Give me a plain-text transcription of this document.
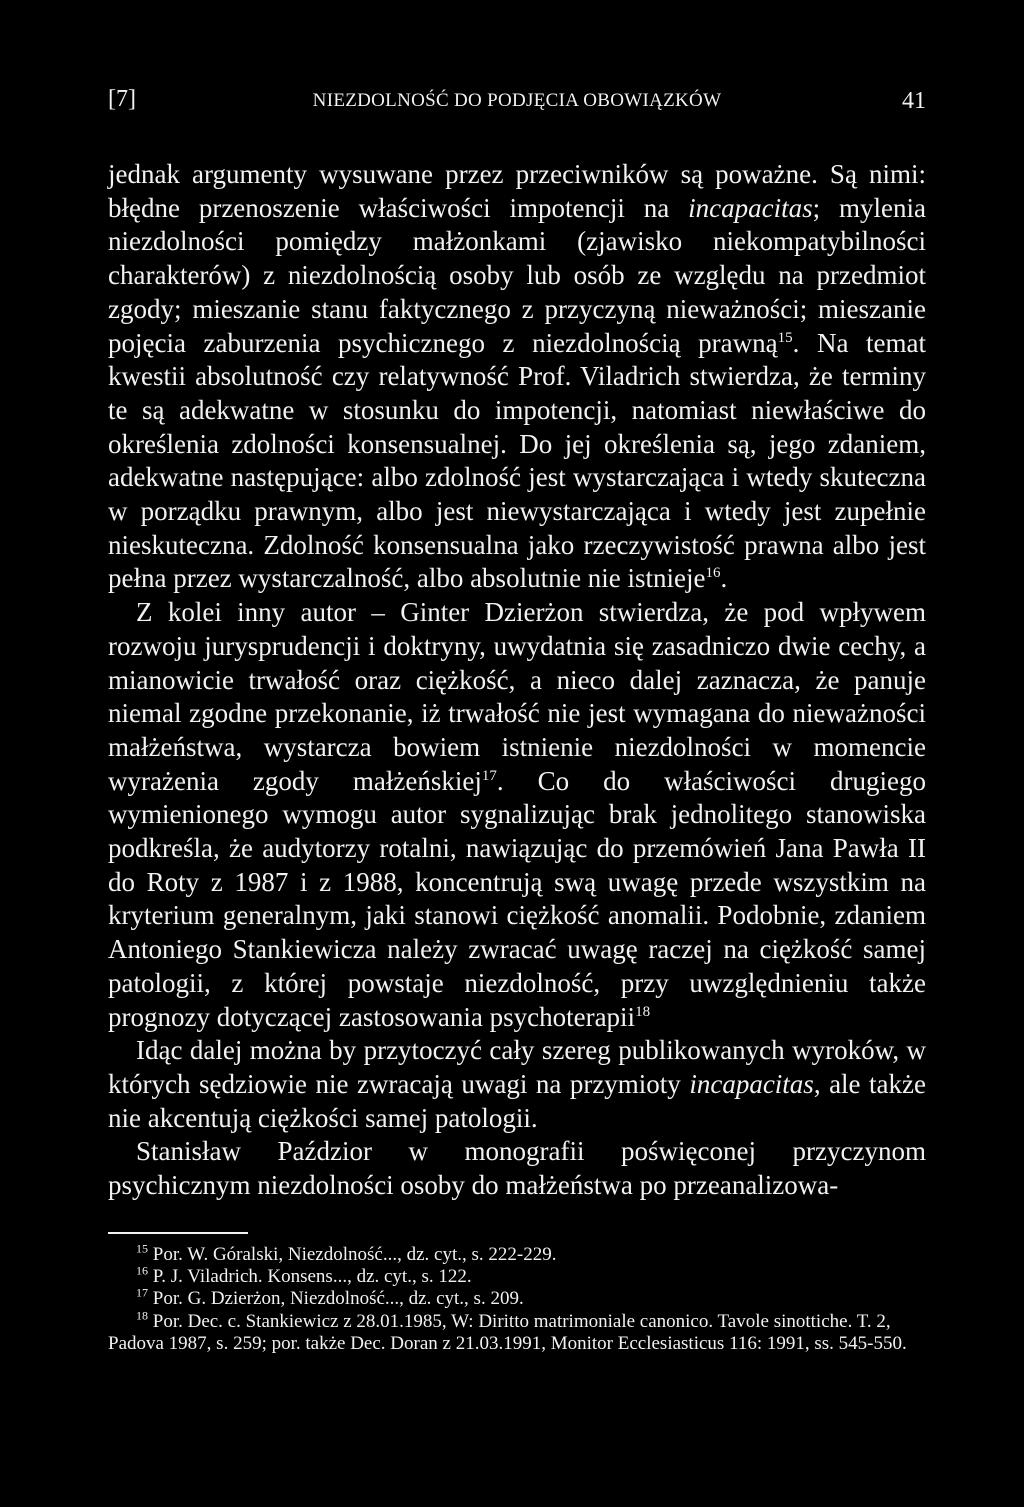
[7]	NIEZDOLNOŚĆ DO PODJĘCIA OBOWIĄZKÓW	41

jednak argumenty wysuwane przez przeciwników są poważne. Są nimi: błędne przenoszenie właściwości impotencji na incapacitas; mylenia niezdolności pomiędzy małżonkami (zjawisko niekompatybilności charakterów) z niezdolnością osoby lub osób ze względu na przedmiot zgody; mieszanie stanu faktycznego z przyczyną nieważności; mieszanie pojęcia zaburzenia psychicznego z niezdolnością prawną$^{15}$. Na temat kwestii absolutność czy relatywność Prof. Viladrich stwierdza, że terminy te są adekwatne w stosunku do impotencji, natomiast niewłaściwe do określenia zdolności konsensualnej. Do jej określenia są, jego zdaniem, adekwatne następujące: albo zdolność jest wystarczająca i wtedy skuteczna w porządku prawnym, albo jest niewystarczająca i wtedy jest zupełnie nieskuteczna. Zdolność konsensualna jako rzeczywistość prawna albo jest pełna przez wystarczalność, albo absolutnie nie istnieje$^{16}$.

Z kolei inny autor – Ginter Dzierżon stwierdza, że pod wpływem rozwoju jurysprudencji i doktryny, uwydatnia się zasadniczo dwie cechy, a mianowicie trwałość oraz ciężkość, a nieco dalej zaznacza, że panuje niemal zgodne przekonanie, iż trwałość nie jest wymagana do nieważności małżeństwa, wystarcza bowiem istnienie niezdolności w momencie wyrażenia zgody małżeńskiej$^{17}$. Co do właściwości drugiego wymienionego wymogu autor sygnalizując brak jednolitego stanowiska podkreśla, że audytorzy rotalni, nawiązując do przemówień Jana Pawła II do Roty z 1987 i z 1988, koncentrują swą uwagę przede wszystkim na kryterium generalnym, jaki stanowi ciężkość anomalii. Podobnie, zdaniem Antoniego Stankiewicza należy zwracać uwagę raczej na ciężkość samej patologii, z której powstaje niezdolność, przy uwzględnieniu także prognozy dotyczącej zastosowania psychoterapii$^{18}$

Idąc dalej można by przytoczyć cały szereg publikowanych wyroków, w których sędziowie nie zwracają uwagi na przymioty incapacitas, ale także nie akcentują ciężkości samej patologii.

Stanisław Paździor w monografii poświęconej przyczynom psychicznym niezdolności osoby do małżeństwa po przeanalizowa-

$^{15}$ Por. W. Góralski, Niezdolność..., dz. cyt., s. 222-229.

$^{16}$ P. J. Viladrich. Konsens..., dz. cyt., s. 122.

$^{17}$ Por. G. Dzierżon, Niezdolność..., dz. cyt., s. 209.

$^{18}$ Por. Dec. c. Stankiewicz z 28.01.1985, W: Diritto matrimoniale canonico. Tavole sinottiche. T. 2, Padova 1987, s. 259; por. także Dec. Doran z 21.03.1991, Monitor Ecclesiasticus 116: 1991, ss. 545-550.
